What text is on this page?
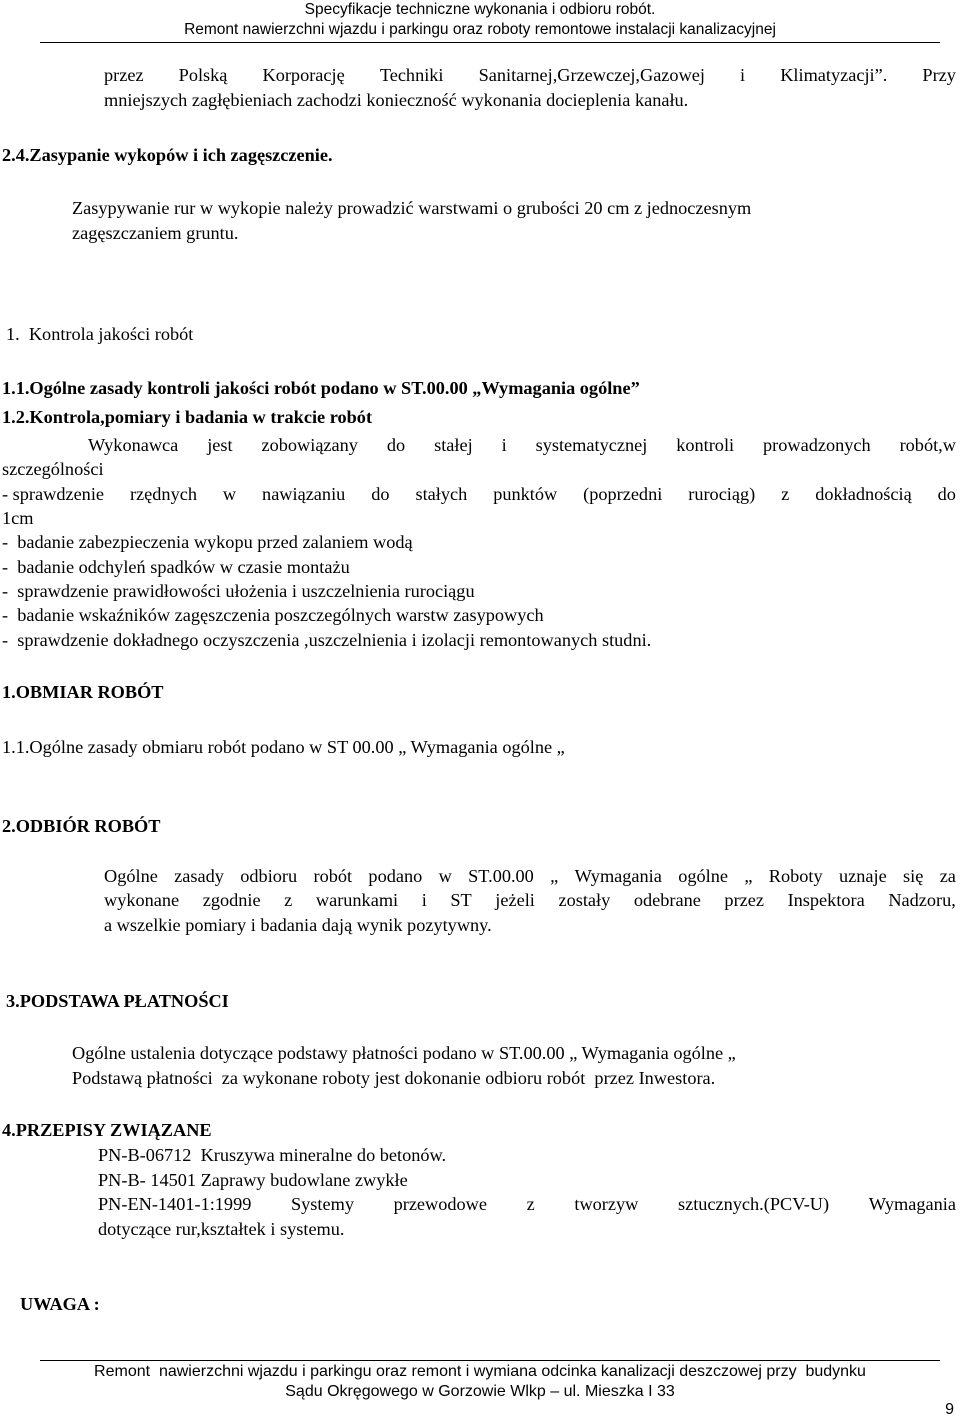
Specyfikacje techniczne wykonania i odbioru robót.
Remont nawierzchni wjazdu i parkingu oraz roboty remontowe instalacji kanalizacyjnej
przez Polską Korporację Techniki Sanitarnej,Grzewczej,Gazowej i Klimatyzacji”. Przy
mniejszych zagłębieniach zachodzi konieczność wykonania docieplenia kanału.
2.4.Zasypanie wykopów i ich zagęszczenie.
Zasypywanie rur w wykopie należy prowadzić warstwami o grubości 20 cm z jednoczesnym
zagęszczaniem gruntu.
1.  Kontrola jakości robót
1.1.Ogólne zasady kontroli jakości robót podano w ST.00.00 „Wymagania ogólne”
1.2.Kontrola,pomiary i badania w trakcie robót
Wykonawca jest zobowiązany do stałej i systematycznej kontroli prowadzonych robót,w
szczególności
- sprawdzenie rzędnych w nawiązaniu do stałych punktów (poprzedni rurociąg) z dokładnością do
1cm
-  badanie zabezpieczenia wykopu przed zalaniem wodą
-  badanie odchyleń spadków w czasie montażu
-  sprawdzenie prawidłowości ułożenia i uszczelnienia rurociągu
-  badanie wskaźników zagęszczenia poszczególnych warstw zasypowych
-  sprawdzenie dokładnego oczyszczenia ,uszczelnienia i izolacji remontowanych studni.
1.OBMIAR ROBÓT
1.1.Ogólne zasady obmiaru robót podano w ST 00.00 „ Wymagania ogólne „
2.ODBIÓR ROBÓT
Ogólne zasady odbioru robót podano w ST.00.00 „ Wymagania ogólne „ Roboty uznaje się za
wykonane zgodnie z warunkami i ST jeżeli zostały odebrane przez Inspektora Nadzoru,
a wszelkie pomiary i badania dają wynik pozytywny.
3.PODSTAWA PŁATNOŚCI
Ogólne ustalenia dotyczące podstawy płatności podano w ST.00.00 „ Wymagania ogólne „
Podstawą płatności  za wykonane roboty jest dokonanie odbioru robót  przez Inwestora.
4.PRZEPISY ZWIĄZANE
PN-B-06712  Kruszywa mineralne do betonów.
PN-B- 14501 Zaprawy budowlane zwykłe
PN-EN-1401-1:1999 Systemy przewodowe z tworzyw sztucznych.(PCV-U) Wymagania
dotyczące rur,kształtek i systemu.
UWAGA :
Remont  nawierzchni wjazdu i parkingu oraz remont i wymiana odcinka kanalizacji deszczowej przy  budynku
Sądu Okręgowego w Gorzowie Wlkp – ul. Mieszka I 33
9
